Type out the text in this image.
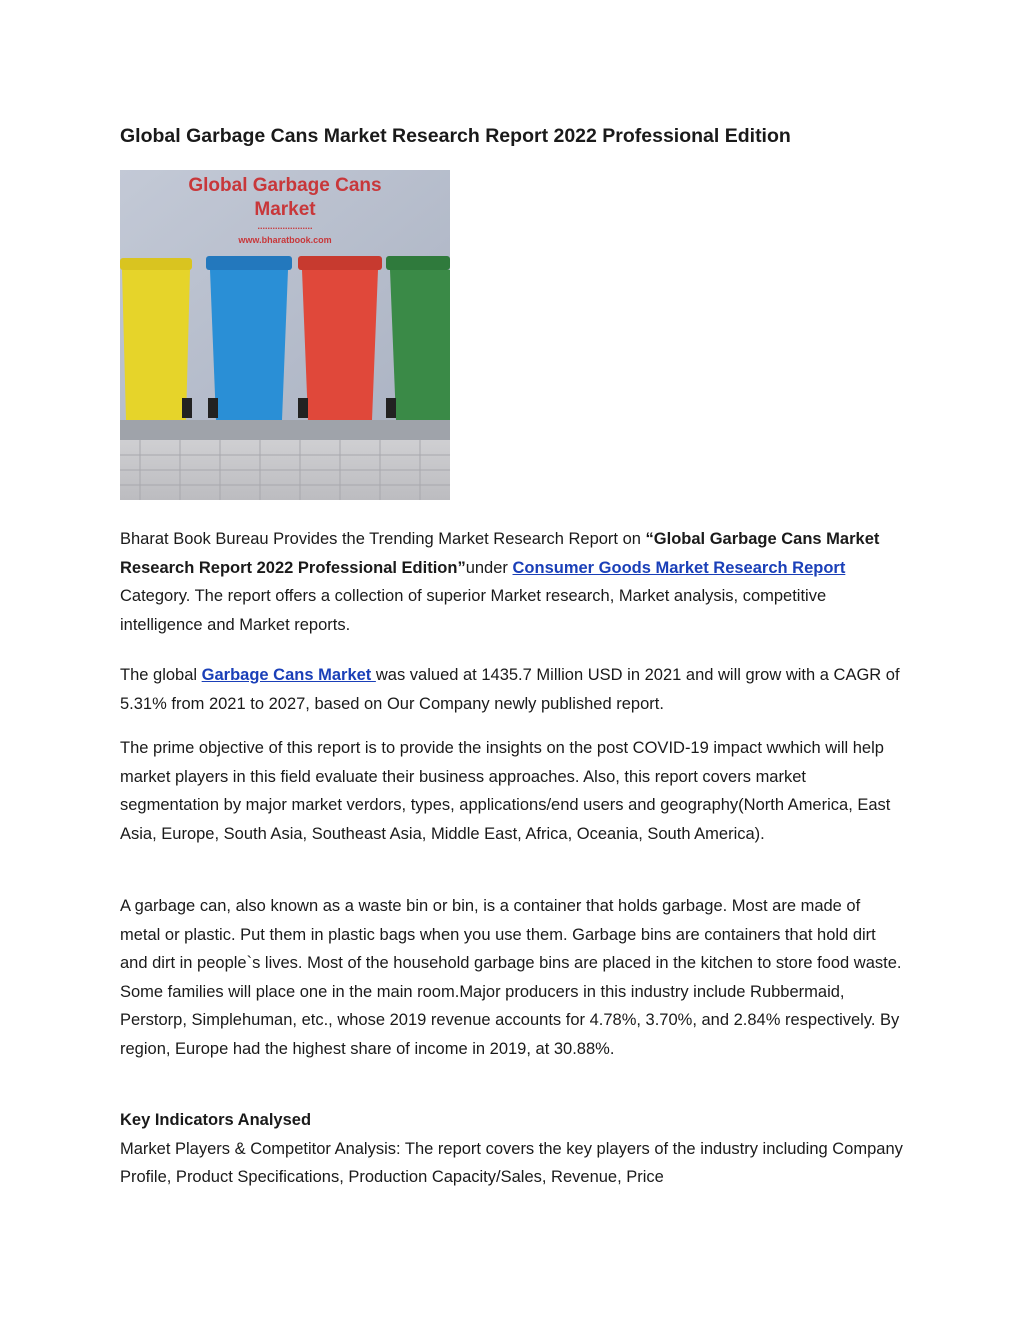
Global Garbage Cans Market Research Report 2022 Professional Edition
Global Garbage Cans
Market
......................
www.bharatbook.com

Bharat Book Bureau Provides the Trending Market Research Report on “Global Garbage Cans Market Research Report 2022 Professional Edition”under Consumer Goods Market Research Report Category. The report offers a collection of superior Market research, Market analysis, competitive intelligence and Market reports.

The global Garbage Cans Market was valued at 1435.7 Million USD in 2021 and will grow with a CAGR of 5.31% from 2021 to 2027, based on Our Company newly published report.

The prime objective of this report is to provide the insights on the post COVID-19 impact wwhich will help market players in this field evaluate their business approaches. Also, this report covers market segmentation by major market verdors, types, applications/end users and geography(North America, East Asia, Europe, South Asia, Southeast Asia, Middle East, Africa, Oceania, South America).

A garbage can, also known as a waste bin or bin, is a container that holds garbage. Most are made of metal or plastic. Put them in plastic bags when you use them. Garbage bins are containers that hold dirt and dirt in people`s lives. Most of the household garbage bins are placed in the kitchen to store food waste. Some families will place one in the main room.Major producers in this industry include Rubbermaid, Perstorp, Simplehuman, etc., whose 2019 revenue accounts for 4.78%, 3.70%, and 2.84% respectively. By region, Europe had the highest share of income in 2019, at 30.88%.

Key Indicators Analysed

Market Players & Competitor Analysis: The report covers the key players of the industry including Company Profile, Product Specifications, Production Capacity/Sales, Revenue, Price
